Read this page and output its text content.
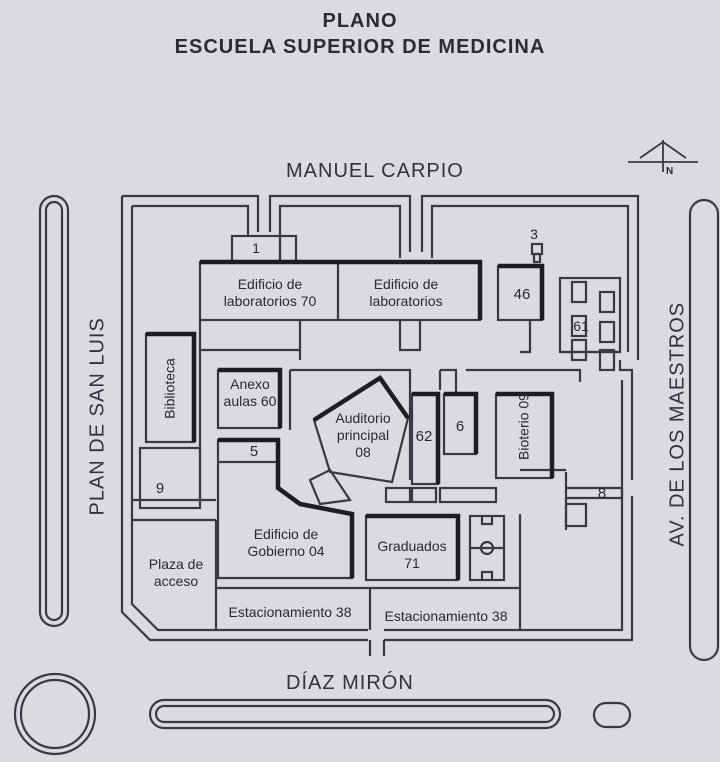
PLANO
ESCUELA SUPERIOR DE MEDICINA
N
MANUEL CARPIO
DÍAZ MIRÓN
PLAN DE SAN LUIS	AV. DE LOS MAESTROS
1
3
Edificio de laboratorios 70
Edificio de laboratorios	46
61
Biblioteca	Anexo aulas 60
Auditorio principal 08
62
6	Bioterio 09
5
9	8
Edificio de Gobierno 04	Graduados 71
Plaza de acceso
Estacionamiento 38	Estacionamiento 38
